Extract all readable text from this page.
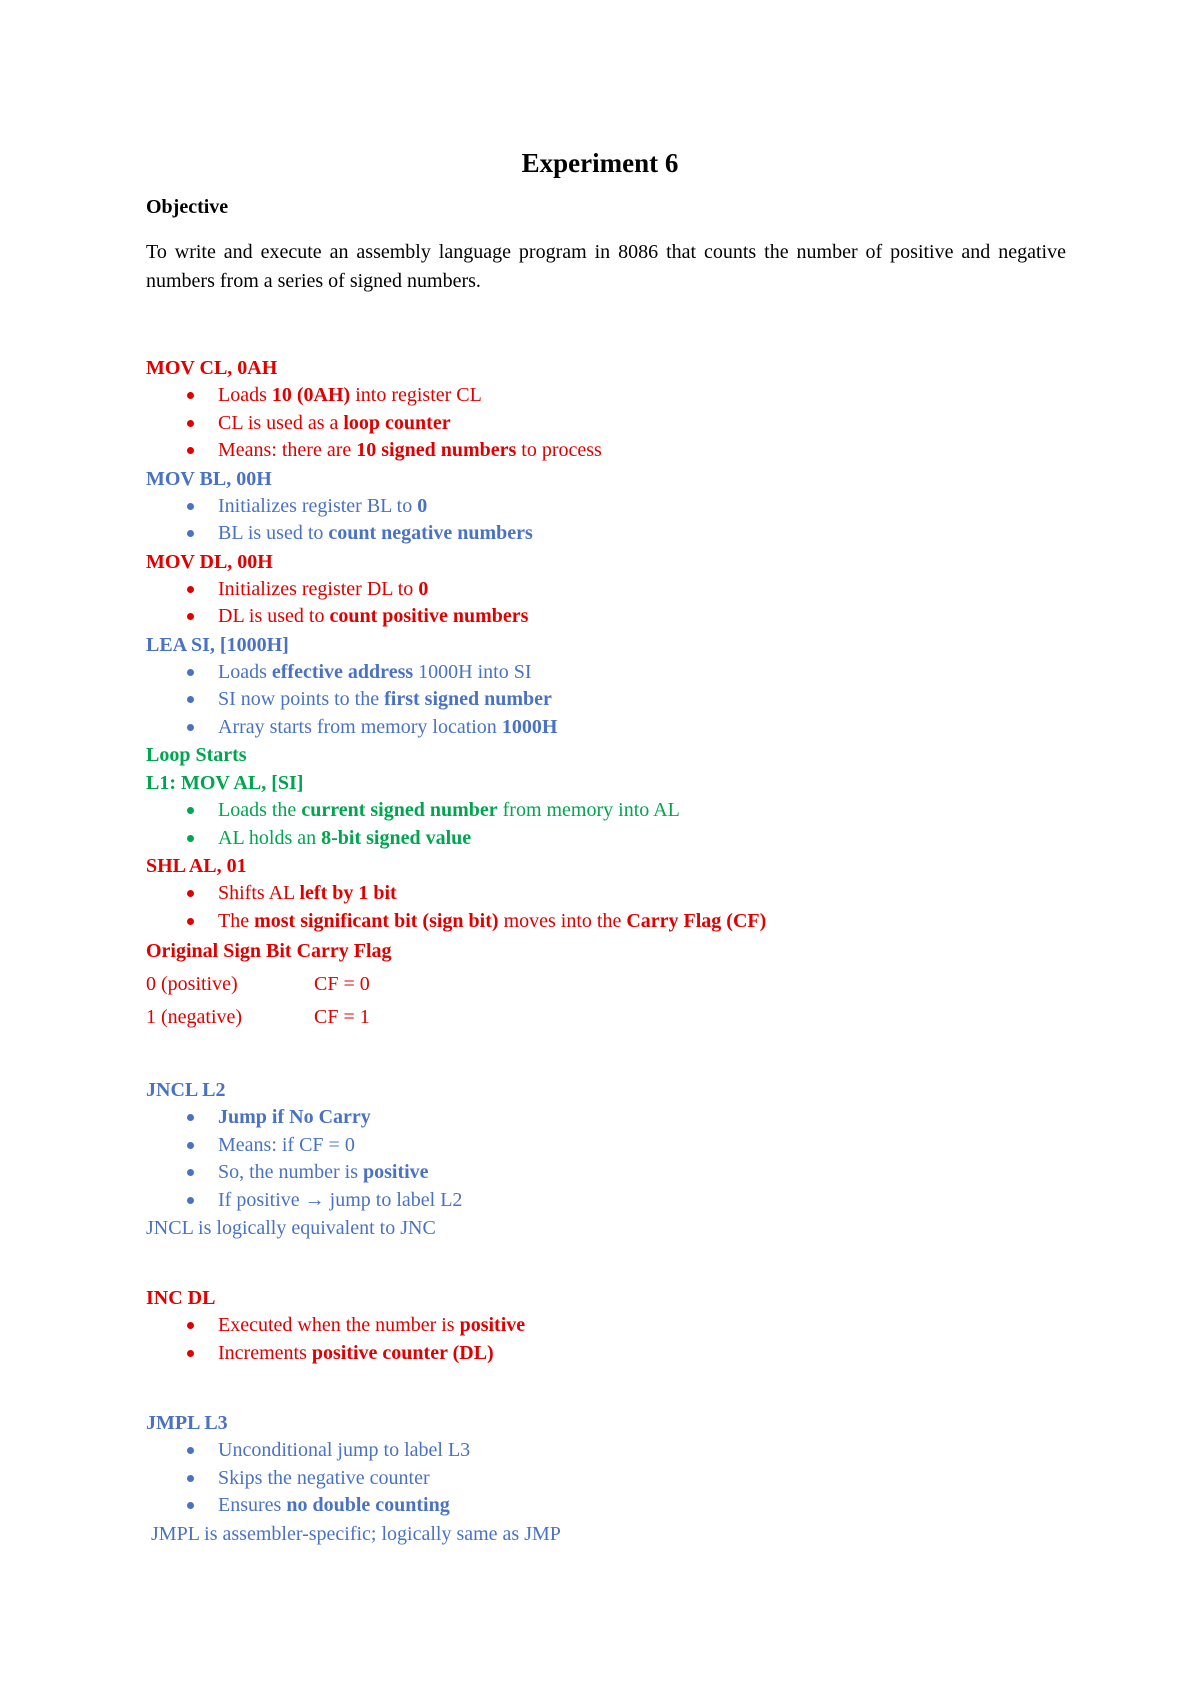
Experiment 6
Objective
To write and execute an assembly language program in 8086 that counts the number of positive and negative numbers from a series of signed numbers.
MOV CL, 0AH
Loads 10 (0AH) into register CL
CL is used as a loop counter
Means: there are 10 signed numbers to process
MOV BL, 00H
Initializes register BL to 0
BL is used to count negative numbers
MOV DL, 00H
Initializes register DL to 0
DL is used to count positive numbers
LEA SI, [1000H]
Loads effective address 1000H into SI
SI now points to the first signed number
Array starts from memory location 1000H
Loop Starts
L1: MOV AL, [SI]
Loads the current signed number from memory into AL
AL holds an 8-bit signed value
SHL AL, 01
Shifts AL left by 1 bit
The most significant bit (sign bit) moves into the Carry Flag (CF)
Original Sign Bit Carry Flag
0 (positive)	CF = 0
1 (negative)	CF = 1
JNCL L2
Jump if No Carry
Means: if CF = 0
So, the number is positive
If positive → jump to label L2
JNCL is logically equivalent to JNC
INC DL
Executed when the number is positive
Increments positive counter (DL)
JMPL L3
Unconditional jump to label L3
Skips the negative counter
Ensures no double counting
JMPL is assembler-specific; logically same as JMP
